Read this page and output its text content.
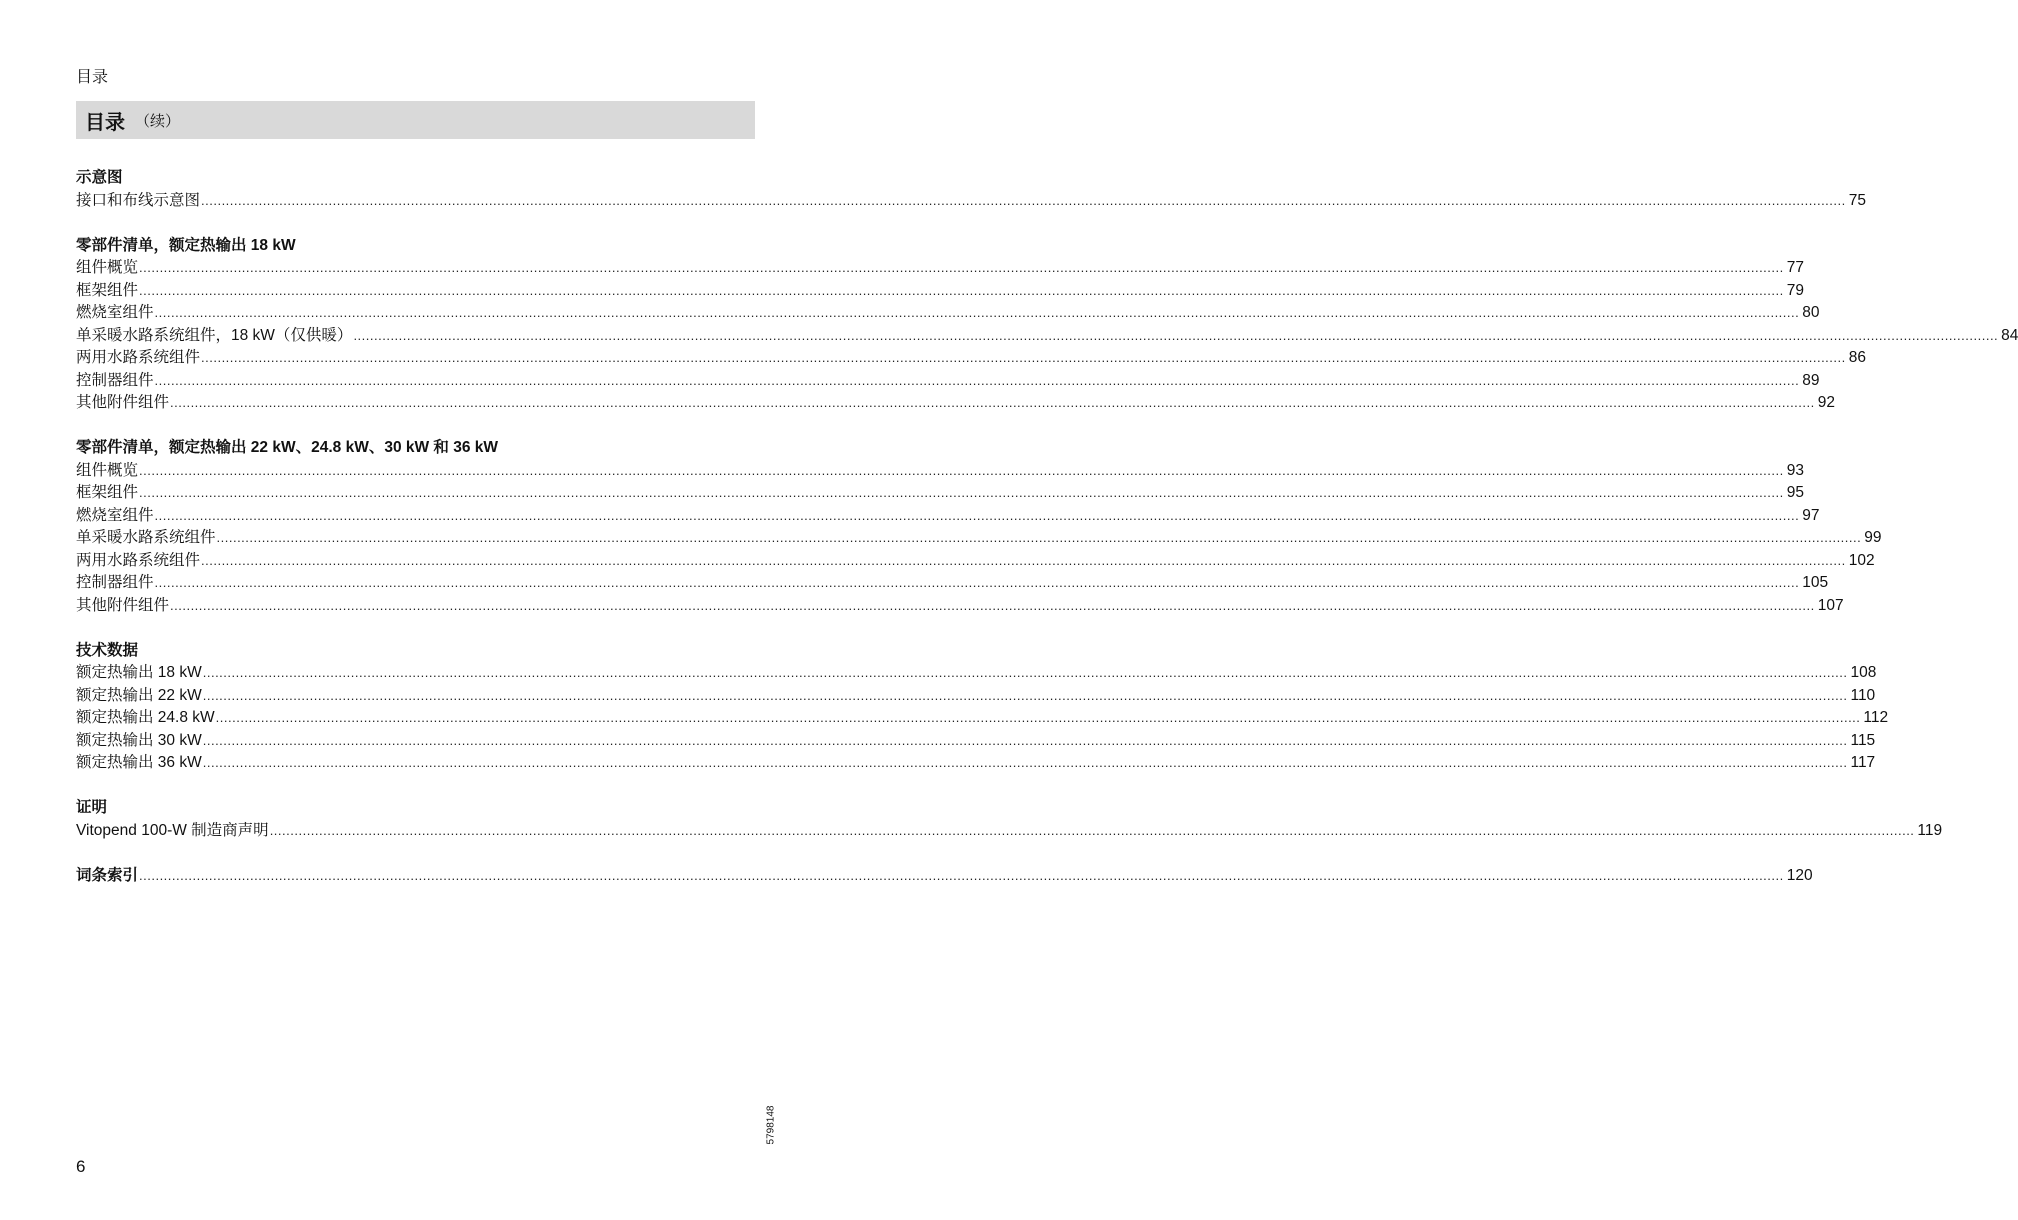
目录
目录 （续）
示意图
接口和布线示意图 ................................................................................................................................................................................................................................................................................................................................................................................................................ 75
零部件清单，额定热输出 18 kW
组件概览 ................................................................................................................................................................................................................................................................................................................................................................................................................ 77
框架组件 ................................................................................................................................................................................................................................................................................................................................................................................................................ 79
燃烧室组件 ................................................................................................................................................................................................................................................................................................................................................................................................................ 80
单采暖水路系统组件，18 kW（仅供暖） ................................................................................................................................................................................................................................................................................................................................................................................................................ 84
两用水路系统组件 ................................................................................................................................................................................................................................................................................................................................................................................................................ 86
控制器组件 ................................................................................................................................................................................................................................................................................................................................................................................................................ 89
其他附件组件 ................................................................................................................................................................................................................................................................................................................................................................................................................ 92
零部件清单，额定热输出 22 kW、24.8 kW、30 kW 和 36 kW
组件概览 ................................................................................................................................................................................................................................................................................................................................................................................................................ 93
框架组件 ................................................................................................................................................................................................................................................................................................................................................................................................................ 95
燃烧室组件 ................................................................................................................................................................................................................................................................................................................................................................................................................ 97
单采暖水路系统组件 ................................................................................................................................................................................................................................................................................................................................................................................................................ 99
两用水路系统组件 ................................................................................................................................................................................................................................................................................................................................................................................................................ 102
控制器组件 ................................................................................................................................................................................................................................................................................................................................................................................................................ 105
其他附件组件 ................................................................................................................................................................................................................................................................................................................................................................................................................ 107
技术数据
额定热输出 18 kW ................................................................................................................................................................................................................................................................................................................................................................................................................ 108
额定热输出 22 kW ................................................................................................................................................................................................................................................................................................................................................................................................................ 110
额定热输出 24.8 kW ................................................................................................................................................................................................................................................................................................................................................................................................................ 112
额定热输出 30 kW ................................................................................................................................................................................................................................................................................................................................................................................................................ 115
额定热输出 36 kW ................................................................................................................................................................................................................................................................................................................................................................................................................ 117
证明
Vitopend 100-W 制造商声明 ................................................................................................................................................................................................................................................................................................................................................................................................................ 119
词条索引 ................................................................................................................................................................................................................................................................................................................................................................................................................ 120
5798148
6
